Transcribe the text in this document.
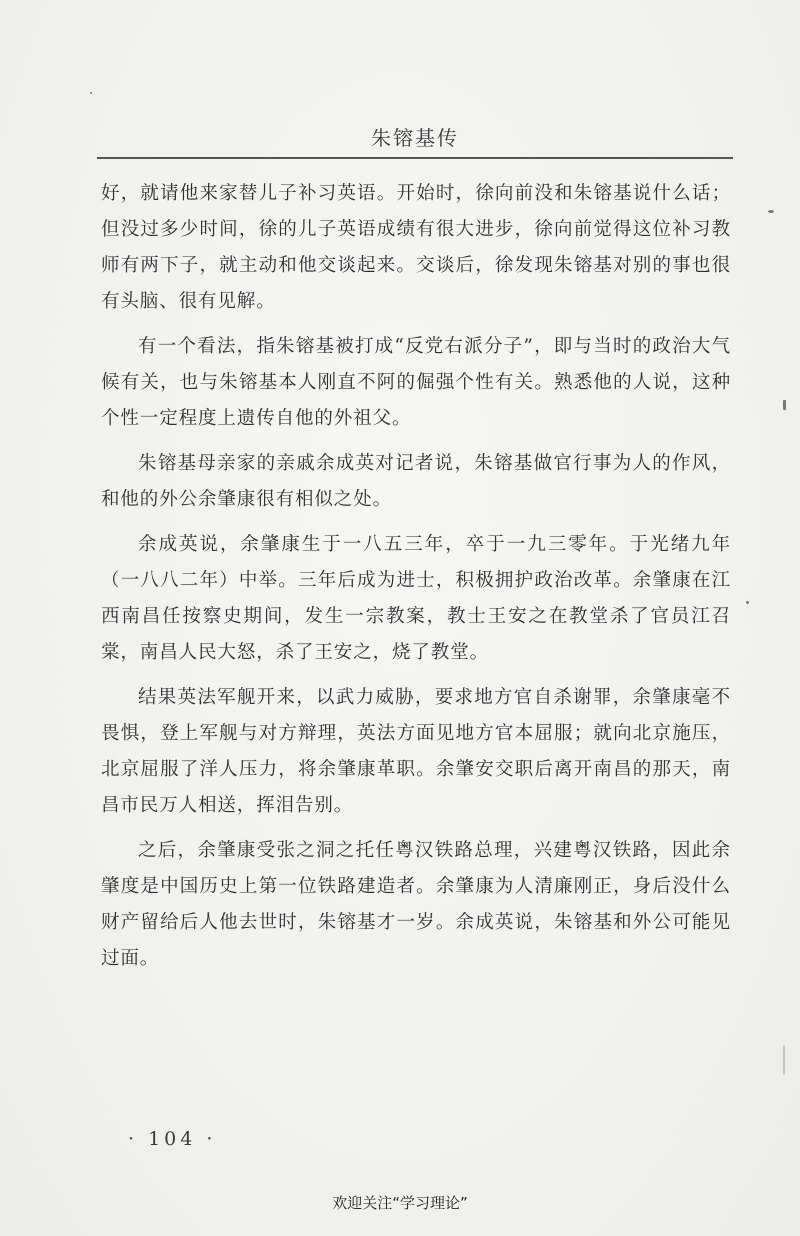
朱镕基传

好，就请他来家替儿子补习英语。开始时，徐向前没和朱镕基说什么话；但没过多少时间，徐的儿子英语成绩有很大进步，徐向前觉得这位补习教师有两下子，就主动和他交谈起来。交谈后，徐发现朱镕基对别的事也很有头脑、很有见解。

有一个看法，指朱镕基被打成“反党右派分子”，即与当时的政治大气候有关，也与朱镕基本人刚直不阿的倔强个性有关。熟悉他的人说，这种个性一定程度上遗传自他的外祖父。

朱镕基母亲家的亲戚余成英对记者说，朱镕基做官行事为人的作风，和他的外公余肇康很有相似之处。

余成英说，余肇康生于一八五三年，卒于一九三零年。于光绪九年（一八八二年）中举。三年后成为进士，积极拥护政治改革。余肇康在江西南昌任按察史期间，发生一宗教案，教士王安之在教堂杀了官员江召棠，南昌人民大怒，杀了王安之，烧了教堂。

结果英法军舰开来，以武力威胁，要求地方官自杀谢罪，余肇康毫不畏惧，登上军舰与对方辩理，英法方面见地方官本屈服；就向北京施压，北京屈服了洋人压力，将余肇康革职。余肇安交职后离开南昌的那天，南昌市民万人相送，挥泪告别。

之后，余肇康受张之洞之托任粤汉铁路总理，兴建粤汉铁路，因此余肇度是中国历史上第一位铁路建造者。余肇康为人清廉刚正，身后没什么财产留给后人他去世时，朱镕基才一岁。余成英说，朱镕基和外公可能见过面。

· 104 ·
欢迎关注“学习理论”
